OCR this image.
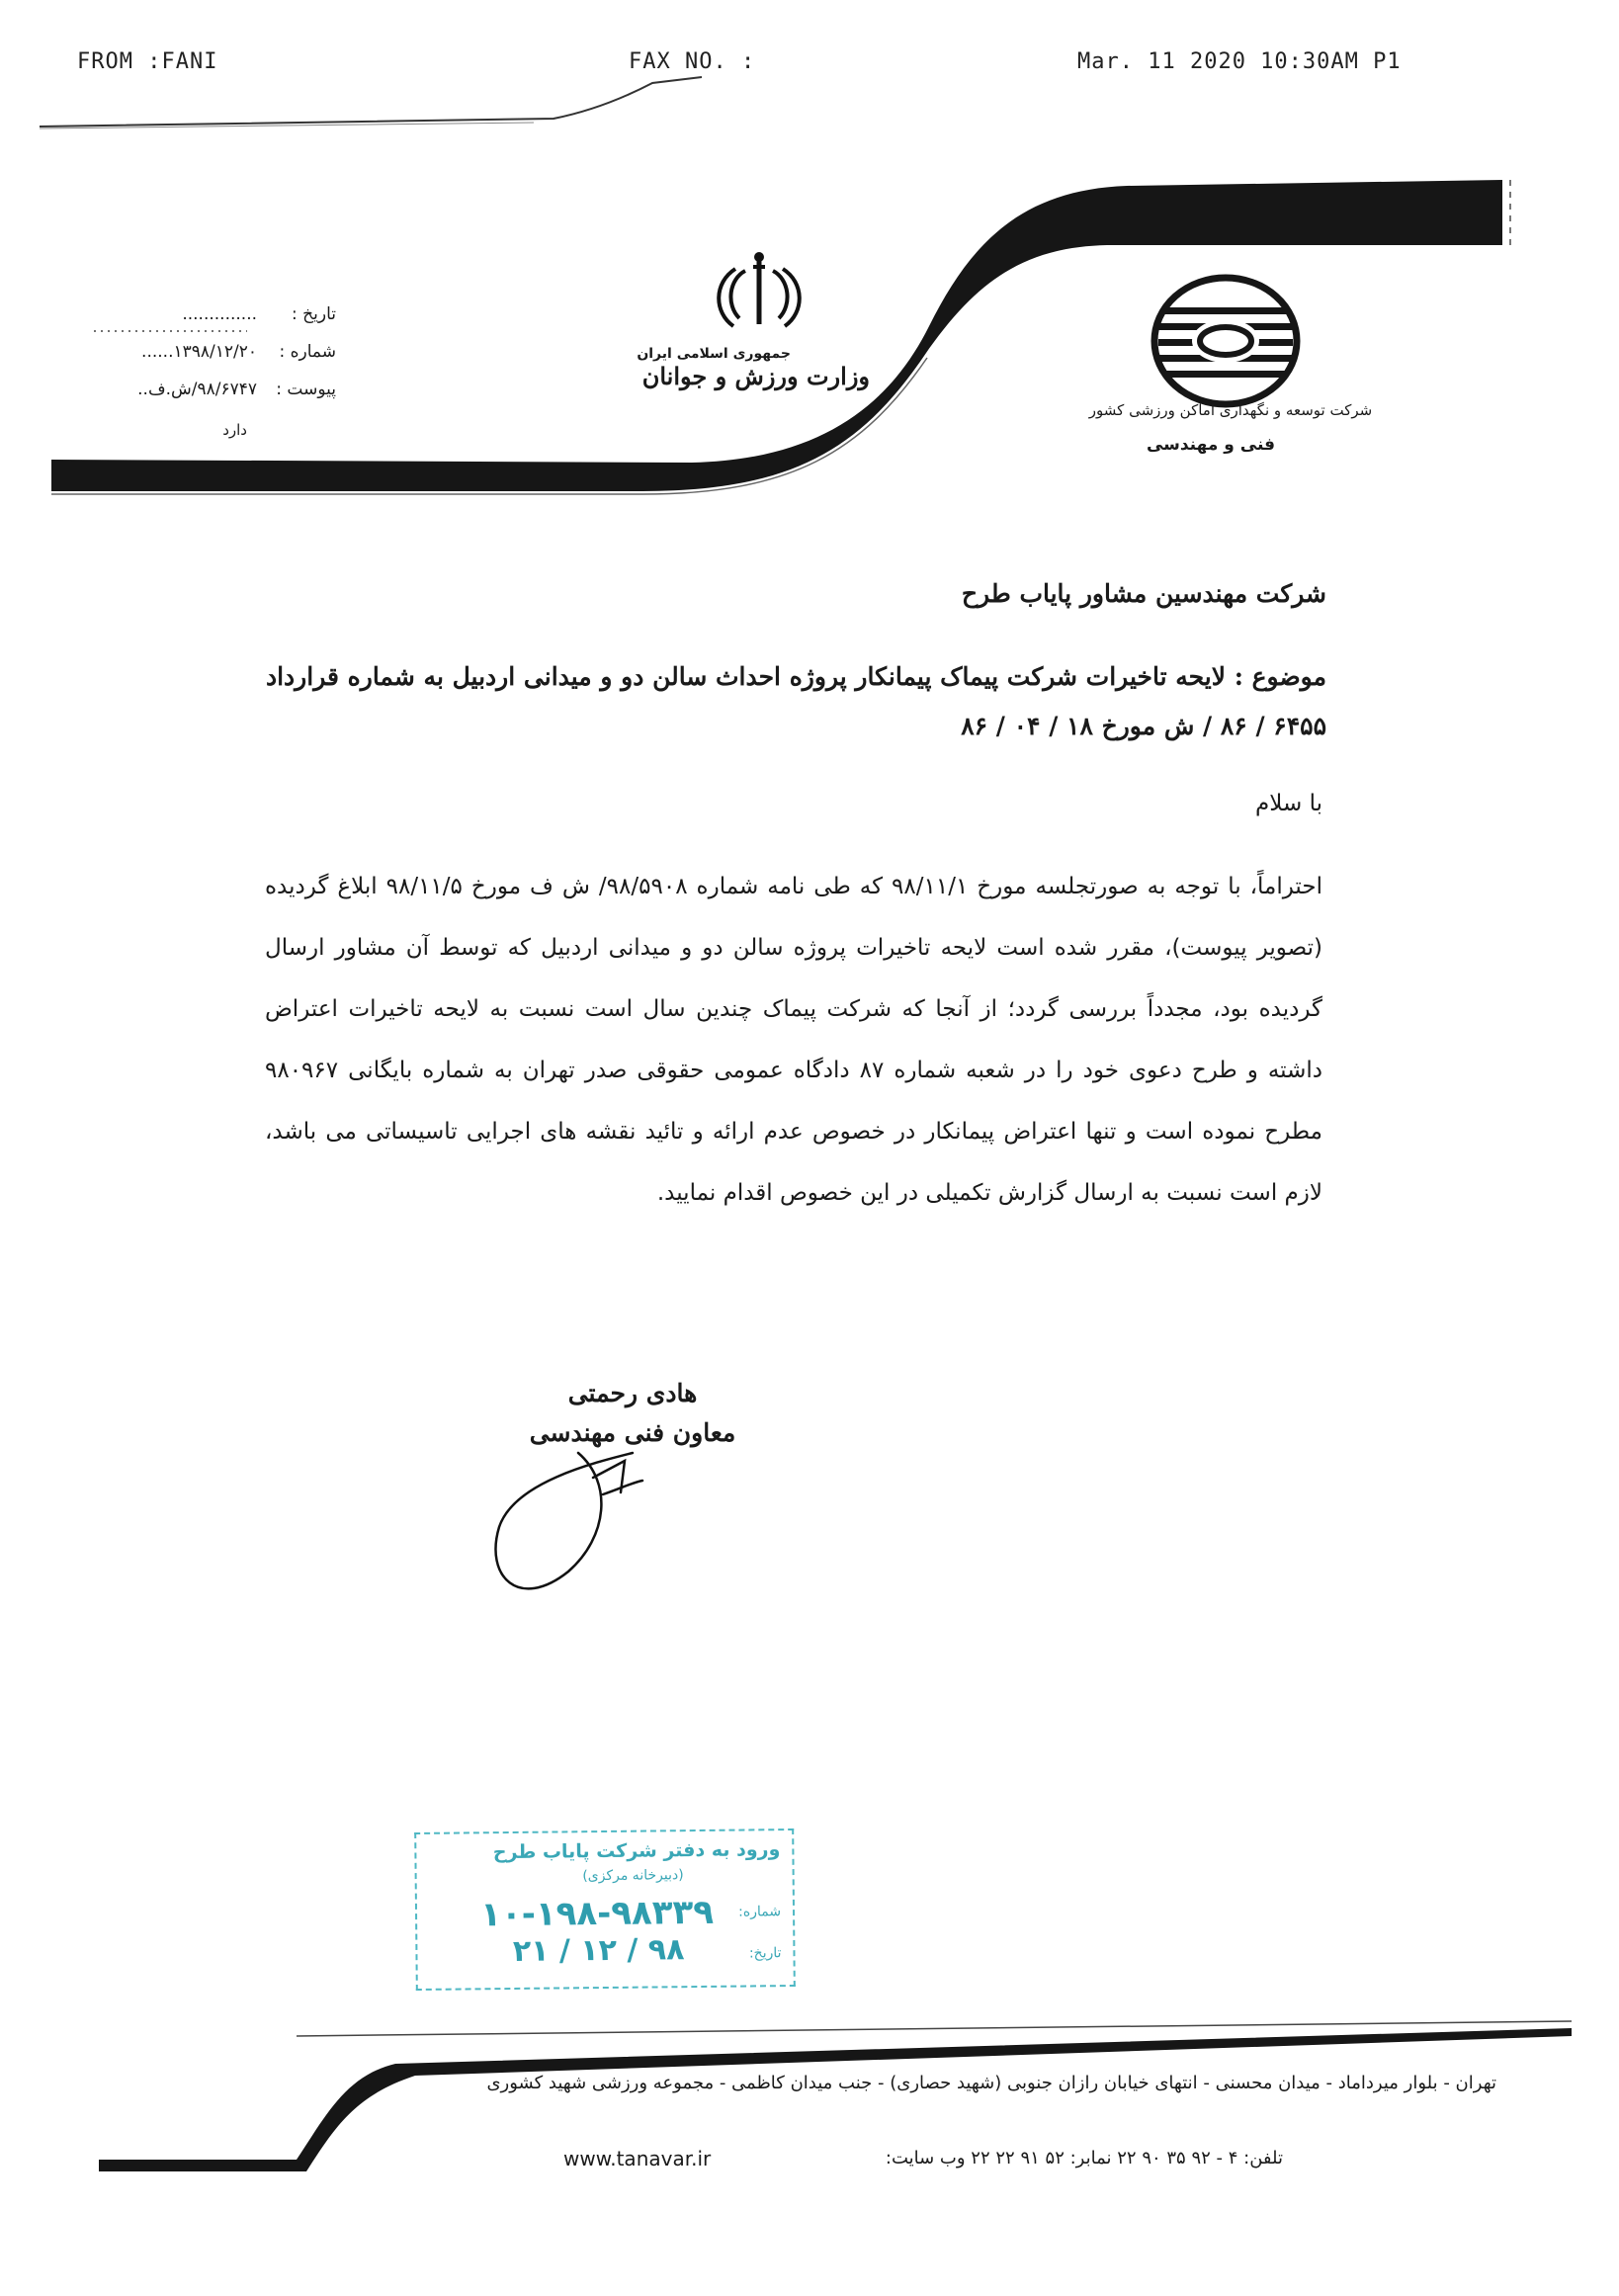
FROM :FANI	FAX NO. :	Mar. 11 2020 10:30AM P1
جمهوری اسلامی ایران
وزارت ورزش و جوانان
شرکت توسعه و نگهداری اماکن ورزشی کشور
فنی و مهندسی
تاریخ :
..............
شماره :
۱۳۹۸/۱۲/۲۰......
پیوست :
۹۸/۶۷۴۷/ش.ف..
دارد
شرکت مهندسین مشاور پایاب طرح
موضوع : لایحه تاخیرات شرکت پیماک پیمانکار پروژه احداث سالن دو و میدانی اردبیل به شماره قرارداد
۶۴۵۵ / ۸۶ / ش مورخ ۱۸ / ۰۴ / ۸۶
با سلام
احتراماً، با توجه به صورتجلسه مورخ ۹۸/۱۱/۱ که طی نامه شماره ۹۸/۵۹۰۸/ ش ف مورخ ۹۸/۱۱/۵ ابلاغ گردیده (تصویر پیوست)، مقرر شده است لایحه تاخیرات پروژه سالن دو و میدانی اردبیل که توسط آن مشاور ارسال گردیده بود، مجدداً بررسی گردد؛ از آنجا که شرکت پیماک چندین سال است نسبت به لایحه تاخیرات اعتراض داشته و طرح دعوی خود را در شعبه شماره ۸۷ دادگاه عمومی حقوقی صدر تهران به شماره بایگانی ۹۸۰۹۶۷ مطرح نموده است و تنها اعتراض پیمانکار در خصوص عدم ارائه و تائید نقشه های اجرایی تاسیساتی می باشد، لازم است نسبت به ارسال گزارش تکمیلی در این خصوص اقدام نمایید.
هادی رحمتی
معاون فنی مهندسی
ورود به دفتر شرکت پایاب طرح
(دبیرخانه مرکزی)
شماره:
۱۰-۱۹۸-۹۸۳۳۹
تاریخ:
۹۸ / ۱۲ / ۲۱
تهران - بلوار میرداماد - میدان محسنی - انتهای خیابان رازان جنوبی (شهید حصاری) - جنب میدان کاظمی - مجموعه ورزشی شهید کشوری
تلفن: ۴ - ۹۲ ۳۵ ۹۰ ۲۲ نمابر: ۵۲ ۹۱ ۲۲ ۲۲ وب سایت:
www.tanavar.ir
